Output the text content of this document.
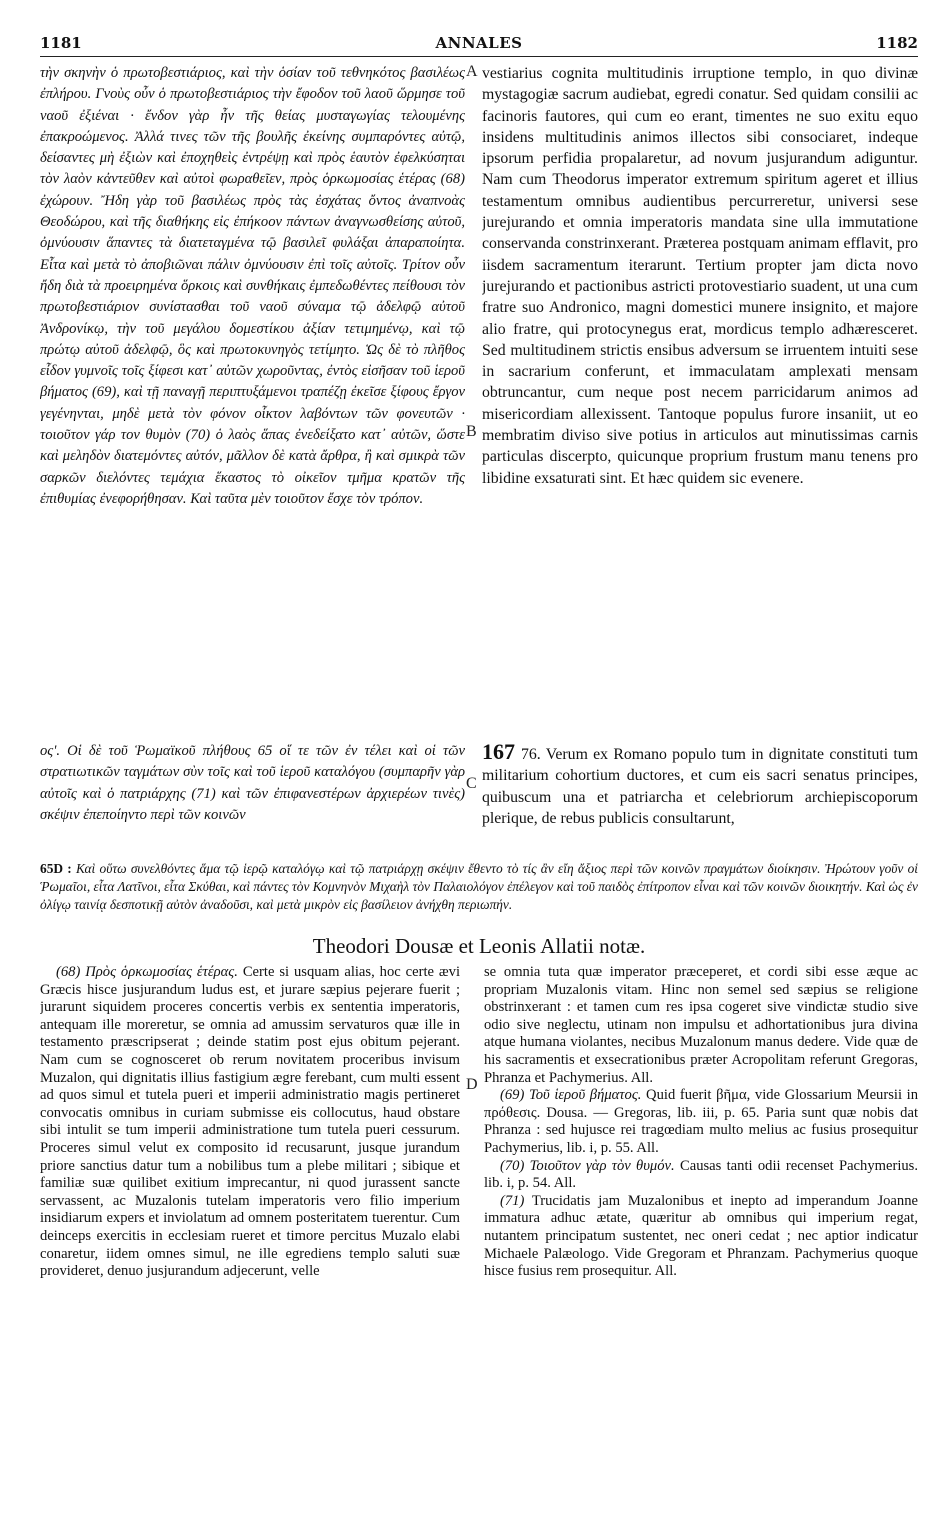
1181	ANNALES	1182
τὴν σκηνὴν ὁ πρωτοβεστιάριος, καὶ τὴν ὁσίαν τοῦ τεθνηκότος βασιλέως ἐπλήρου. Γνοὺς οὖν ὁ πρωτοβεστιάριος τὴν ἔφοδον τοῦ λαοῦ ὥρμησε τοῦ ναοῦ ἐξιέναι · ἔνδον γὰρ ἦν τῆς θείας μυσταγωγίας τελουμένης ἐπακροώμενος. Ἀλλά τινες τῶν τῆς βουλῆς ἐκείνης συμπαρόντες αὐτῷ, δείσαντες μὴ ἐξιὼν καὶ ἐποχηθεὶς ἐντρέψῃ καὶ πρὸς ἑαυτὸν ἐφελκύσηται τὸν λαὸν κἀντεῦθεν καὶ αὐτοὶ φωραθεῖεν, πρὸς ὁρκωμοσίας ἑτέρας (68) ἐχώρουν. Ἤδη γὰρ τοῦ βασιλέως πρὸς τὰς ἐσχάτας ὄντος ἀναπνοὰς Θεοδώρου, καὶ τῆς διαθήκης εἰς ἐπήκοον πάντων ἀναγνωσθείσης αὐτοῦ, ὀμνύουσιν ἅπαντες τὰ διατεταγμένα τῷ βασιλεῖ φυλάξαι ἀπαραποίητα. Εἶτα καὶ μετὰ τὸ ἀποβιῶναι πάλιν ὀμνύουσιν ἐπὶ τοῖς αὐτοῖς. Τρίτον οὖν ἤδη διὰ τὰ προειρημένα ὅρκοις καὶ συνθήκαις ἐμπεδωθέντες πείθουσι τὸν πρωτοβεστιάριον συνίστασθαι τοῦ ναοῦ σύναμα τῷ ἀδελφῷ αὐτοῦ Ἀνδρονίκῳ, τὴν τοῦ μεγάλου δομεστίκου ἀξίαν τετιμημένῳ, καὶ τῷ πρώτῳ αὐτοῦ ἀδελφῷ, ὃς καὶ πρωτοκυνηγὸς τετίμητο. Ὡς δὲ τὸ πλῆθος εἶδον γυμνοῖς τοῖς ξίφεσι κατ᾽ αὐτῶν χωροῦντας, ἐντὸς εἰσῆσαν τοῦ ἱεροῦ βήματος (69), καὶ τῇ παναγῇ περιπτυξάμενοι τραπέζῃ ἐκεῖσε ξίφους ἔργον γεγένηνται, μηδὲ μετὰ τὸν φόνον οἶκτον λαβόντων τῶν φονευτῶν · τοιοῦτον γάρ τον θυμὸν (70) ὁ λαὸς ἅπας ἐνεδείξατο κατ᾽ αὐτῶν, ὥστε καὶ μεληδὸν διατεμόντες αὐτόν, μᾶλλον δὲ κατὰ ἄρθρα, ἢ καὶ σμικρὰ τῶν σαρκῶν διελόντες τεμάχια ἕκαστος τὸ οἰκεῖον τμῆμα κρατῶν τῆς ἐπιθυμίας ἐνεφορήθησαν. Καὶ ταῦτα μὲν τοιοῦτον ἔσχε τὸν τρόπον.
vestiarius cognita multitudinis irruptione templo, in quo divinæ mystagogiæ sacrum audiebat, egredi conatur. Sed quidam consilii ac facinoris fautores, qui cum eo erant, timentes ne suo exitu equo insidens multitudinis animos illectos sibi consociaret, indeque ipsorum perfidia propalaretur, ad novum jusjurandum adiguntur. Nam cum Theodorus imperator extremum spiritum ageret et illius testamentum omnibus audientibus percurreretur, universi sese jurejurando et omnia imperatoris mandata sine ulla immutatione conservanda constrinxerant. Præterea postquam animam efflavit, pro iisdem sacramentum iterarunt. Tertium propter jam dicta novo jurejurando et pactionibus astricti protovestiario suadent, ut una cum fratre suo Andronico, magni domestici munere insignito, et majore alio fratre, qui protocynegus erat, mordicus templo adhæresceret. Sed multitudinem strictis ensibus adversum se irruentem intuiti sese in sacrarium conferunt, et immaculatam amplexati mensam obtruncantur, cum neque post necem parricidarum animos ad misericordiam allexissent. Tantoque populus furore insaniit, ut eo membratim diviso sive potius in articulos aut minutissimas carnis particulas discerpto, quicunque proprium frustum manu tenens pro libidine exsaturati sint. Et hæc quidem sic evenere.
A
B
C
D
ος'. Οἱ δὲ τοῦ Ῥωμαϊκοῦ πλήθους 65 οἵ τε τῶν ἐν τέλει καὶ οἱ τῶν στρατιωτικῶν ταγμάτων σὺν τοῖς καὶ τοῦ ἱεροῦ καταλόγου (συμπαρῆν γὰρ αὐτοῖς καὶ ὁ πατριάρχης (71) καὶ τῶν ἐπιφανεστέρων ἀρχιερέων τινὲς) σκέψιν ἐπεποίηντο περὶ τῶν κοινῶν
167 76. Verum ex Romano populo tum in dignitate constituti tum militarium cohortium ductores, et cum eis sacri senatus principes, quibuscum una et patriarcha et celebriorum archiepiscoporum plerique, de rebus publicis consultarunt,
65D : Καὶ οὕτω συνελθόντες ἅμα τῷ ἱερῷ καταλόγῳ καὶ τῷ πατριάρχῃ σκέψιν ἔθεντο τὸ τίς ἂν εἴη ἄξιος περὶ τῶν κοινῶν πραγμάτων διοίκησιν. Ἠρώτουν γοῦν οἱ Ῥωμαῖοι, εἶτα Λατῖνοι, εἶτα Σκύθαι, καὶ πάντες τὸν Κομνηνὸν Μιχαὴλ τὸν Παλαιολόγον ἐπέλεγον καὶ τοῦ παιδὸς ἐπίτροπον εἶναι καὶ τῶν κοινῶν διοικητήν. Καὶ ὡς ἐν ὀλίγῳ ταινίᾳ δεσποτικῇ αὐτὸν ἀναδοῦσι, καὶ μετὰ μικρὸν εἰς βασίλειον ἀνήχθη περιωπήν.
Theodori Dousæ et Leonis Allatii notæ.

(68) Πρὸς ὁρκωμοσίας ἑτέρας. Certe si usquam alias, hoc certe ævi Græcis hisce jusjurandum ludus est, et jurare sæpius pejerare fuerit ; jurarunt siquidem proceres concertis verbis ex sententia imperatoris, antequam ille moreretur, se omnia ad amussim servaturos quæ ille in testamento præscripserat ; deinde statim post ejus obitum pejerant. Nam cum se cognosceret ob rerum novitatem proceribus invisum Muzalon, qui dignitatis illius fastigium ægre ferebant, cum multi essent ad quos simul et tutela pueri et imperii administratio magis pertineret convocatis omnibus in curiam submisse eis collocutus, haud obstare sibi intulit se tum imperii administratione tum tutela pueri cessurum. Proceres simul velut ex composito id recusarunt, jusque jurandum priore sanctius datur tum a nobilibus tum a plebe militari ; sibique et familiæ suæ quilibet exitium imprecantur, ni quod jurassent sancte servassent, ac Muzalonis tutelam imperatoris vero filio imperium insidiarum expers et inviolatum ad omnem posteritatem tuerentur. Cum deinceps exercitis in ecclesiam rueret et timore percitus Muzalo elabi conaretur, iidem omnes simul, ne ille egrediens templo saluti suæ provideret, denuo jusjurandum adjecerunt, velle

se omnia tuta quæ imperator præceperet, et cordi sibi esse æque ac propriam Muzalonis vitam. Hinc non semel sed sæpius se religione obstrinxerant : et tamen cum res ipsa cogeret sive vindictæ studio sive odio sive neglectu, utinam non impulsu et adhortationibus jura divina atque humana violantes, necibus Muzalonum manus dedere. Vide quæ de his sacramentis et exsecrationibus præter Acropolitam referunt Gregoras, Phranza et Pachymerius. All.

(69) Τοῦ ἱεροῦ βήματος. Quid fuerit βῆμα, vide Glossarium Meursii in πρόθεσις. Dousa. — Gregoras, lib. iii, p. 65. Paria sunt quæ nobis dat Phranza : sed hujusce rei tragœdiam multo melius ac fusius prosequitur Pachymerius, lib. i, p. 55. All.

(70) Τοιοῦτον γὰρ τὸν θυμόν. Causas tanti odii recenset Pachymerius. lib. i, p. 54. All.

(71) Trucidatis jam Muzalonibus et inepto ad imperandum Joanne immatura adhuc ætate, quæritur ab omnibus qui imperium regat, nutantem principatum sustentet, nec oneri cedat ; nec aptior indicatur Michaele Palæologo. Vide Gregoram et Phranzam. Pachymerius quoque hisce fusius rem prosequitur. All.
